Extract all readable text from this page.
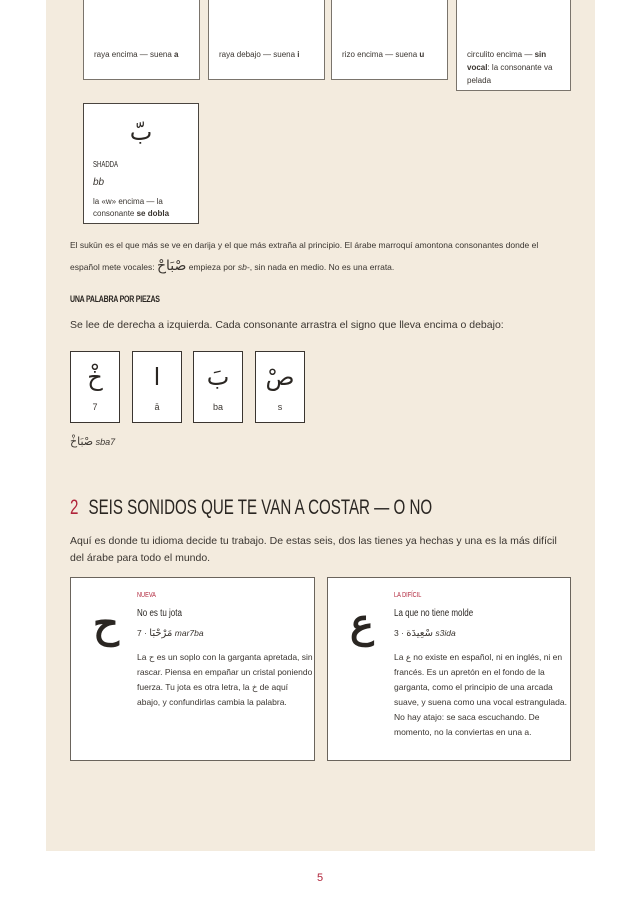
raya encima — suena a	raya debajo — suena i	rizo encima — suena u	circulito encima — sin vocal: la consonante va pelada
بّ
SHADDA
bb
la «w» encima — la consonante se dobla
El sukūn es el que más se ve en darija y el que más extraña al principio. El árabe marroquí amontona consonantes donde el
español mete vocales: صْبَاحْ empieza por sb-, sin nada en medio. No es una errata.
UNA PALABRA POR PIEZAS
Se lee de derecha a izquierda. Cada consonante arrastra el signo que lleva encima o debajo:
خْ
7
ا
ā
بَ
ba
صْ
s
صْبَاخْ sba7
2 SEIS SONIDOS QUE TE VAN A COSTAR — O NO
Aquí es donde tu idioma decide tu trabajo. De estas seis, dos las tienes ya hechas y una es la más difícil
del árabe para todo el mundo.
ح
NUEVA
No es tu jota
7 · مَرْحْبَا mar7ba
La ح es un soplo con la garganta apretada, sin rascar. Piensa en empañar un cristal poniendo fuerza. Tu jota es otra letra, la خ de aquí abajo, y confundirlas cambia la palabra.
ع
LA DIFÍCIL
La que no tiene molde
3 · سْعِيدَة s3ida
La ع no existe en español, ni en inglés, ni en francés. Es un apretón en el fondo de la garganta, como el principio de una arcada suave, y suena como una vocal estrangulada. No hay atajo: se saca escuchando. De momento, no la conviertas en una a.
5
